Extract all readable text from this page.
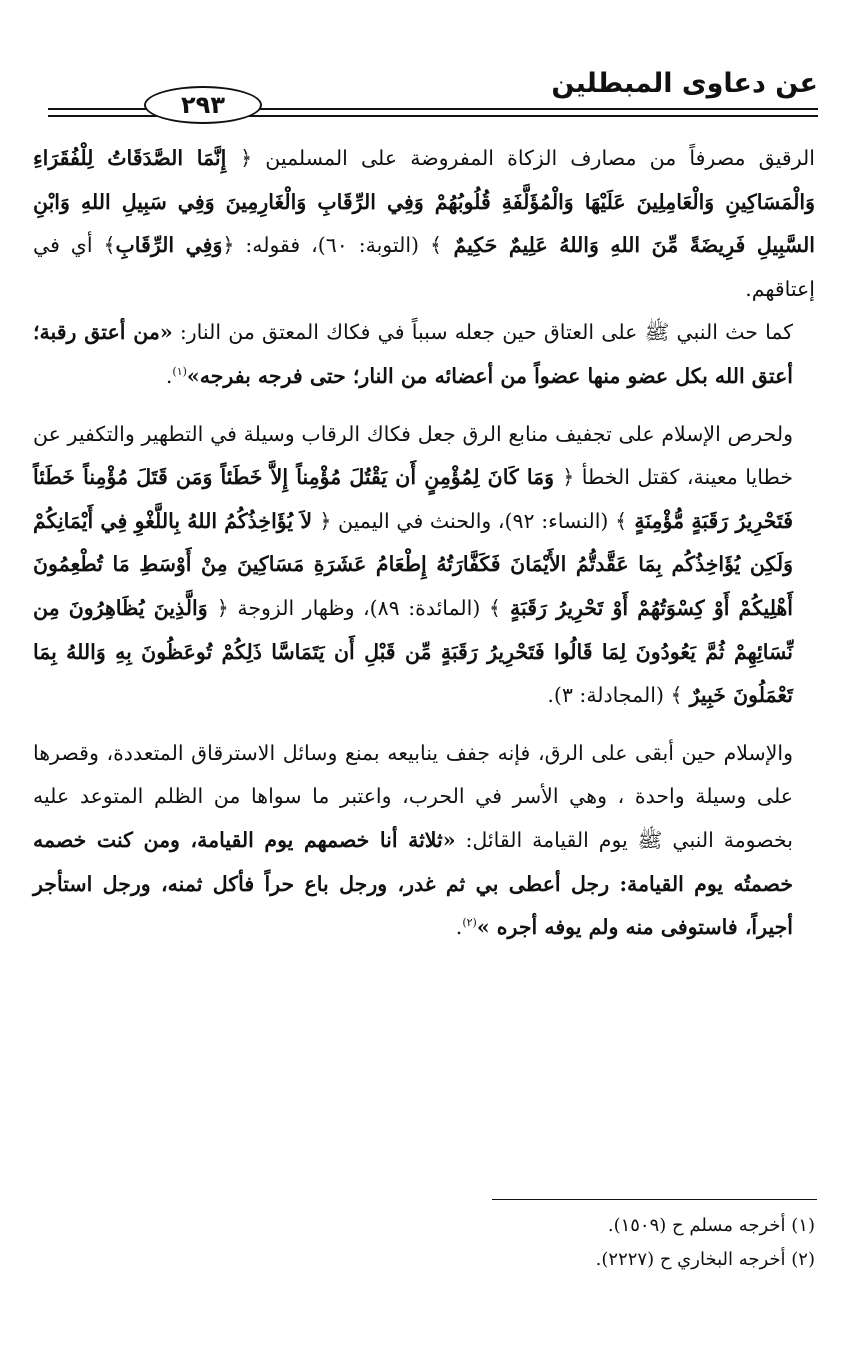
عن دعاوى المبطلين
٢٩٣

الرقيق مصرفاً من مصارف الزكاة المفروضة على المسلمين ﴿ إِنَّمَا الصَّدَقَاتُ لِلْفُقَرَاءِ وَالْمَسَاكِينِ وَالْعَامِلِينَ عَلَيْهَا وَالْمُؤَلَّفَةِ قُلُوبُهُمْ وَفِي الرِّقَابِ وَالْغَارِمِينَ وَفِي سَبِيلِ اللهِ وَابْنِ السَّبِيلِ فَرِيضَةً مِّنَ اللهِ وَاللهُ عَلِيمٌ حَكِيمٌ ﴾ (التوبة: ٦٠)، فقوله: ﴿وَفِي الرِّقَابِ﴾ أي في إعتاقهم.

كما حث النبي ﷺ على العتاق حين جعله سبباً في فكاك المعتق من النار: «من أعتق رقبة؛ أعتق الله بكل عضو منها عضواً من أعضائه من النار؛ حتى فرجه بفرجه»$^{(١)}$.

ولحرص الإسلام على تجفيف منابع الرق جعل فكاك الرقاب وسيلة في التطهير والتكفير عن خطايا معينة، كقتل الخطأ ﴿ وَمَا كَانَ لِمُؤْمِنٍ أَن يَقْتُلَ مُؤْمِناً إِلاَّ خَطَئاً وَمَن قَتَلَ مُؤْمِناً خَطَئاً فَتَحْرِيرُ رَقَبَةٍ مُّؤْمِنَةٍ ﴾ (النساء: ٩٢)، والحنث في اليمين ﴿ لاَ يُؤَاخِذُكُمُ اللهُ بِاللَّغْوِ فِي أَيْمَانِكُمْ وَلَكِن يُؤَاخِذُكُم بِمَا عَقَّدتُّمُ الأَيْمَانَ فَكَفَّارَتُهُ إِطْعَامُ عَشَرَةِ مَسَاكِينَ مِنْ أَوْسَطِ مَا تُطْعِمُونَ أَهْلِيكُمْ أَوْ كِسْوَتُهُمْ أَوْ تَحْرِيرُ رَقَبَةٍ ﴾ (المائدة: ٨٩)، وظهار الزوجة ﴿ وَالَّذِينَ يُظَاهِرُونَ مِن نِّسَائِهِمْ ثُمَّ يَعُودُونَ لِمَا قَالُوا فَتَحْرِيرُ رَقَبَةٍ مِّن قَبْلِ أَن يَتَمَاسَّا ذَلِكُمْ تُوعَظُونَ بِهِ وَاللهُ بِمَا تَعْمَلُونَ خَبِيرٌ ﴾ (المجادلة: ٣).

والإسلام حين أبقى على الرق، فإنه جفف ينابيعه بمنع وسائل الاسترقاق المتعددة، وقصرها على وسيلة واحدة ، وهي الأسر في الحرب، واعتبر ما سواها من الظلم المتوعد عليه بخصومة النبي ﷺ يوم القيامة القائل: «ثلاثة أنا خصمهم يوم القيامة، ومن كنت خصمه خصمتُه يوم القيامة: رجل أعطى بي ثم غدر، ورجل باع حراً فأكل ثمنه، ورجل استأجر أجيراً، فاستوفى منه ولم يوفه أجره »$^{(٢)}$.

(١) أخرجه مسلم ح (١٥٠٩).

(٢) أخرجه البخاري ح (٢٢٢٧).
